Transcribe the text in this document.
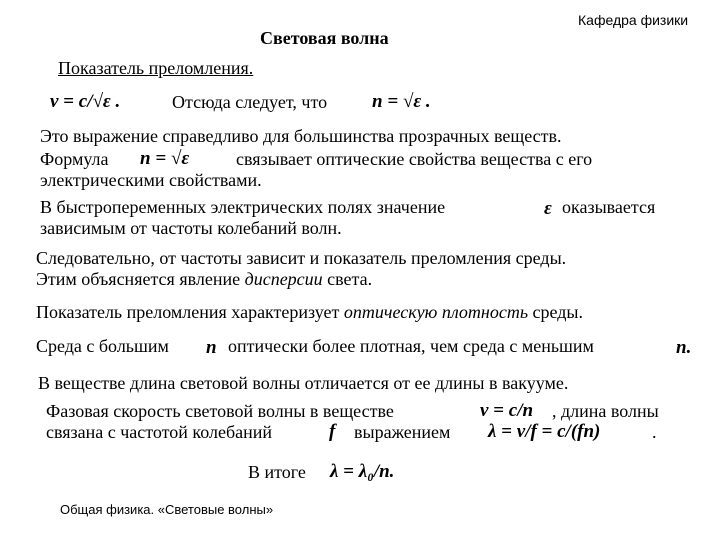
Кафедра физики
Световая волна
Показатель преломления.
v = c/√ε .	Отсюда следует, что n = √ε .
Это выражение справедливо для большинства прозрачных веществ.
Формула n = √ε	связывает оптические свойства вещества с его
электрическими свойствами.
В быстропеременных электрических полях значение	ε оказывается
зависимым от частоты колебаний волн.
Следовательно, от частоты зависит и показатель преломления среды.
Этим объясняется явление дисперсии света.
Показатель преломления характеризует оптическую плотность среды.
Среда с большим n оптически более плотная, чем среда с меньшим	n.
В веществе длина световой волны отличается от ее длины в вакууме.
Фазовая скорость световой волны в веществе	v = c/n , длина волны
связана с частотой колебаний	f выражением λ = v/f = c/(fn)	.
В итоге λ = λ₀/n.
Общая физика. «Световые волны»
